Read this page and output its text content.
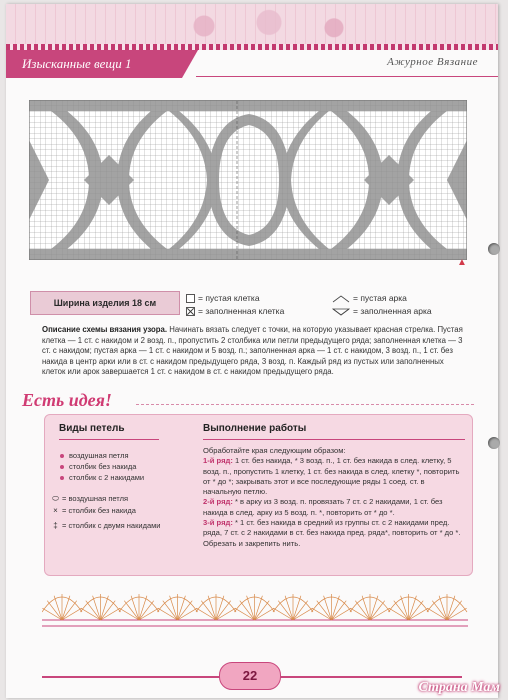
Изысканные вещи 1	Ажурное Вязание
▲
Ширина изделия 18 см	= пустая клетка
= заполненная клетка
= пустая арка
= заполненная арка
Описание схемы вязания узора. Начинать вязать следует с точки, на которую указывает красная стрелка. Пустая клетка — 1 ст. с накидом и 2 возд. п., пропустить 2 столбика или петли предыдущего ряда; заполненная клетка — 3 ст. с накидом; пустая арка — 1 ст. с накидом и 5 возд. п.; заполненная арка — 1 ст. с накидом, 3 возд. п., 1 ст. без накида в центр арки или в ст. с накидом предыдущего ряда, 3 возд. п. Каждый ряд из пустых или заполненных клеток или арок завершается 1 ст. с накидом в ст. с накидом предыдущего ряда.
Есть идея!
Виды петель
воздушная петля
столбик без накида
столбик с 2 накидами
⬭ = воздушная петля
× = столбик без накида
‡ = столбик с двумя накидами
Выполнение работы
Обработайте края следующим образом:
1-й ряд: 1 ст. без накида, * 3 возд. п., 1 ст. без накида в след. клетку, 5 возд. п., пропустить 1 клетку, 1 ст. без накида в след. клетку *, повторить от * до *; закрывать этот и все последующие ряды 1 соед. ст. в начальную петлю.
2-й ряд: * в арку из 3 возд. п. провязать 7 ст. с 2 накидами, 1 ст. без накида в след. арку из 5 возд. п. *, повторить от * до *.
3-й ряд: * 1 ст. без накида в средний из группы ст. с 2 накидами пред. ряда, 7 ст. с 2 накидами в ст. без накида пред. ряда*, повторить от * до *.
Обрезать и закрепить нить.
22
Страна Мам
